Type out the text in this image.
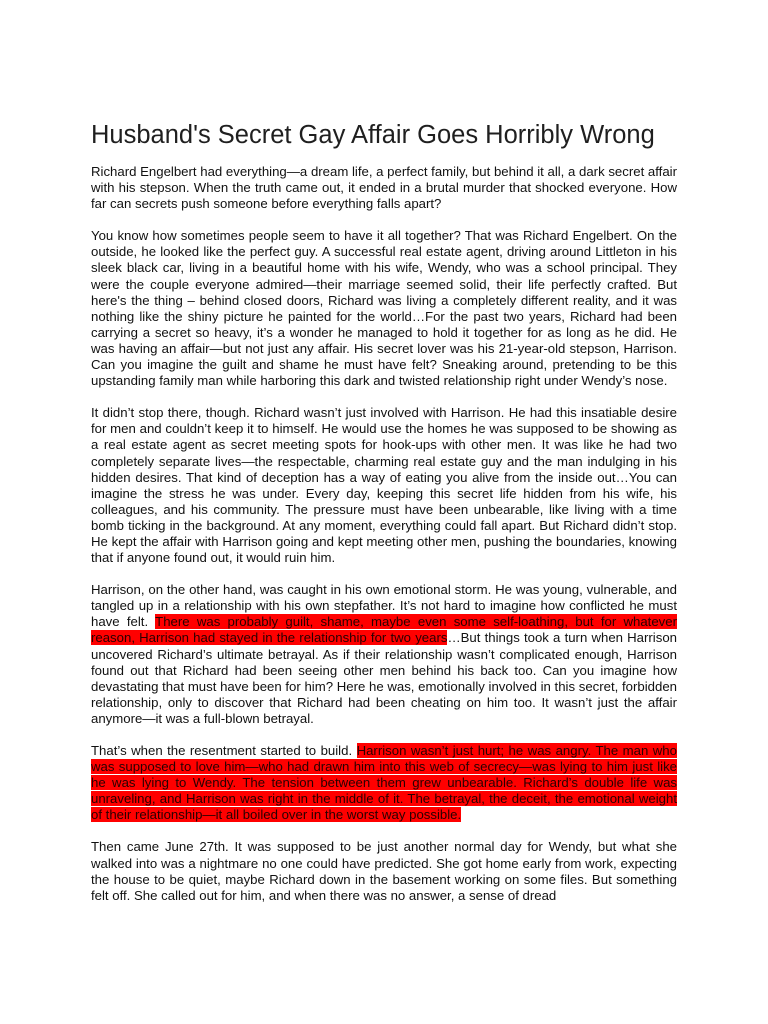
Husband's Secret Gay Affair Goes Horribly Wrong

Richard Engelbert had everything—a dream life, a perfect family, but behind it all, a dark secret affair with his stepson. When the truth came out, it ended in a brutal murder that shocked everyone. How far can secrets push someone before everything falls apart?

You know how sometimes people seem to have it all together? That was Richard Engelbert. On the outside, he looked like the perfect guy. A successful real estate agent, driving around Littleton in his sleek black car, living in a beautiful home with his wife, Wendy, who was a school principal. They were the couple everyone admired—their marriage seemed solid, their life perfectly crafted. But here's the thing – behind closed doors, Richard was living a completely different reality, and it was nothing like the shiny picture he painted for the world…For the past two years, Richard had been carrying a secret so heavy, it’s a wonder he managed to hold it together for as long as he did. He was having an affair—but not just any affair. His secret lover was his 21-year-old stepson, Harrison. Can you imagine the guilt and shame he must have felt? Sneaking around, pretending to be this upstanding family man while harboring this dark and twisted relationship right under Wendy’s nose.

It didn’t stop there, though. Richard wasn’t just involved with Harrison. He had this insatiable desire for men and couldn’t keep it to himself. He would use the homes he was supposed to be showing as a real estate agent as secret meeting spots for hook-ups with other men. It was like he had two completely separate lives—the respectable, charming real estate guy and the man indulging in his hidden desires. That kind of deception has a way of eating you alive from the inside out…You can imagine the stress he was under. Every day, keeping this secret life hidden from his wife, his colleagues, and his community. The pressure must have been unbearable, like living with a time bomb ticking in the background. At any moment, everything could fall apart. But Richard didn’t stop. He kept the affair with Harrison going and kept meeting other men, pushing the boundaries, knowing that if anyone found out, it would ruin him.

Harrison, on the other hand, was caught in his own emotional storm. He was young, vulnerable, and tangled up in a relationship with his own stepfather. It’s not hard to imagine how conflicted he must have felt. There was probably guilt, shame, maybe even some self-loathing, but for whatever reason, Harrison had stayed in the relationship for two years…But things took a turn when Harrison uncovered Richard’s ultimate betrayal. As if their relationship wasn’t complicated enough, Harrison found out that Richard had been seeing other men behind his back too. Can you imagine how devastating that must have been for him? Here he was, emotionally involved in this secret, forbidden relationship, only to discover that Richard had been cheating on him too. It wasn’t just the affair anymore—it was a full-blown betrayal.

That’s when the resentment started to build. Harrison wasn’t just hurt; he was angry. The man who was supposed to love him—who had drawn him into this web of secrecy—was lying to him just like he was lying to Wendy. The tension between them grew unbearable. Richard’s double life was unraveling, and Harrison was right in the middle of it. The betrayal, the deceit, the emotional weight of their relationship—it all boiled over in the worst way possible.

Then came June 27th. It was supposed to be just another normal day for Wendy, but what she walked into was a nightmare no one could have predicted. She got home early from work, expecting the house to be quiet, maybe Richard down in the basement working on some files. But something felt off. She called out for him, and when there was no answer, a sense of dread
